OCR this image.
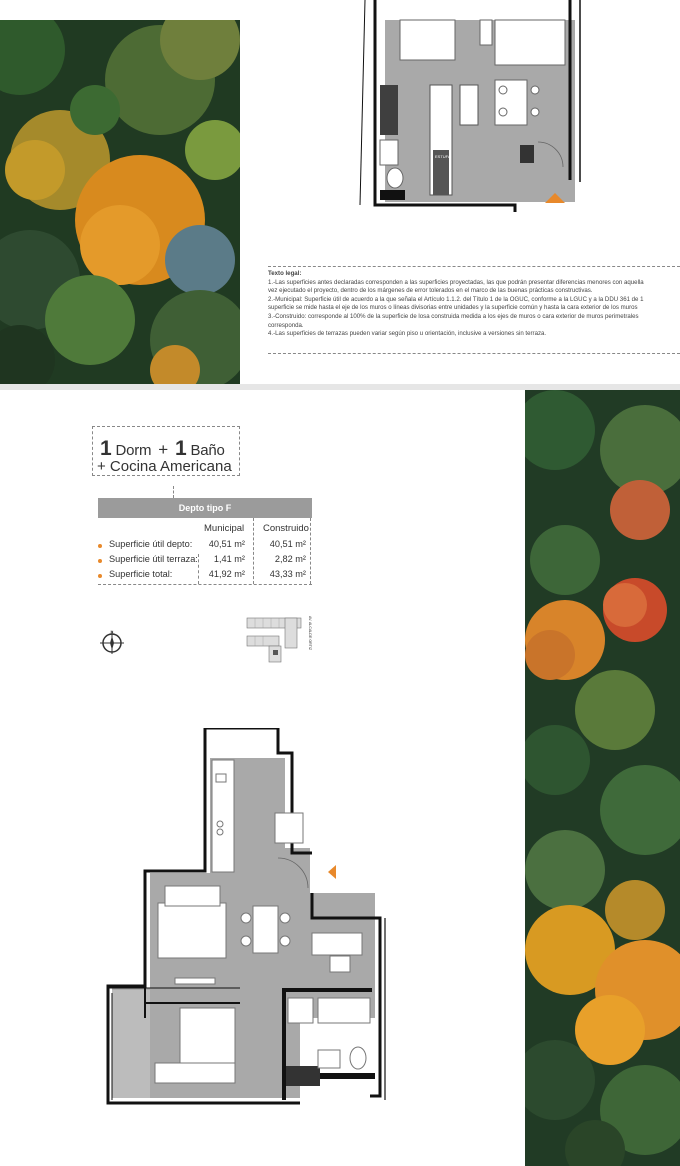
ESTUFA
Texto legal:
1.-Las superficies antes declaradas corresponden a las superficies proyectadas, las que podrán presentar diferencias menores con aquella
vez ejecutado el proyecto, dentro de los márgenes de error tolerados en el marco de las buenas prácticas constructivas.
2.-Municipal: Superficie útil de acuerdo a la que señala el Artículo 1.1.2. del Título 1 de la OGUC, conforme a la LGUC y a la DDU 361 de 1
superficie se mide hasta el eje de los muros o líneas divisorias entre unidades y la superficie común y hasta la cara exterior de los muros
3.-Construido: corresponde al 100% de la superficie de losa construida medida a los ejes de muros o cara exterior de muros perimetrales
corresponda.
4.-Las superficies de terrazas pueden variar según piso u orientación, inclusive a versiones sin terraza.
1 Dorm + 1 Baño
+ Cocina Americana
Depto tipo F
Municipal Construido
Superficie útil depto: 40,51 m²	40,51 m²
Superficie útil terraza: 1,41 m²	2,82 m²
Superficie total:	41,92 m²	43,33 m²
N	AV. ALCALDE ORTIZ
